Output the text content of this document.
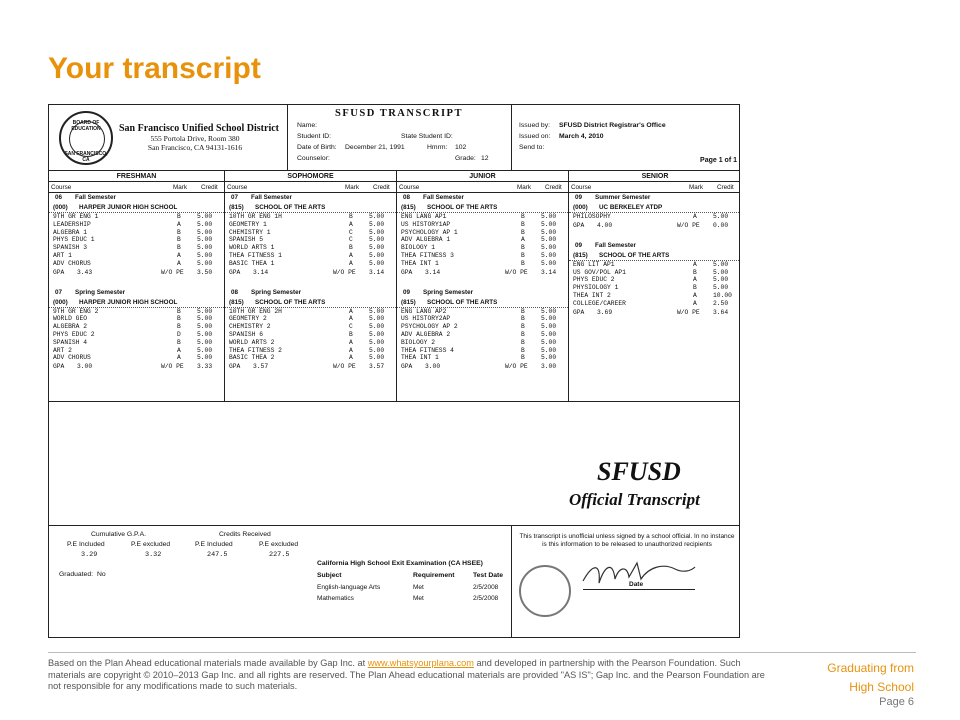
Your transcript
BOARD OF EDUCATION
SAN FRANCISCO, CA
San Francisco Unified School District
555 Portola Drive, Room 380
San Francisco, CA 94131-1616
SFUSD TRANSCRIPT
Name:
Student ID:	State Student ID:
Date of Birth: December 21, 1991	Hmrm: 102
Counselor:	Grade: 12
Issued by: SFUSD District Registrar's Office
Issued on: March 4, 2010
Send to:
Page 1 of 1
FRESHMAN
Course	Mark Credit
06 Fall Semester
(000) HARPER JUNIOR HIGH SCHOOL
9TH GR ENG 1	B	5.00
LEADERSHIP	A	5.00
ALGEBRA 1	B	5.00
PHYS EDUC 1	B	5.00
SPANISH 3	B	5.00
ART 1	A	5.00
ADV CHORUS	A	5.00
GPA 3.43	W/O PE 3.50
07 Spring Semester
(000) HARPER JUNIOR HIGH SCHOOL
9TH GR ENG 2	B	5.00
WORLD GEO	B	5.00
ALGEBRA 2	B	5.00
PHYS EDUC 2	D	5.00
SPANISH 4	B	5.00
ART 2	A	5.00
ADV CHORUS	A	5.00
GPA 3.00	W/O PE 3.33
SOPHOMORE
Course	Mark Credit
07 Fall Semester
(815) SCHOOL OF THE ARTS
10TH GR ENG 1H	B	5.00
GEOMETRY 1	A	5.00
CHEMISTRY 1	C	5.00
SPANISH 5	C	5.00
WORLD ARTS 1	B	5.00
THEA FITNESS 1	A	5.00
BASIC THEA 1	A	5.00
GPA 3.14	W/O PE 3.14
08 Spring Semester
(815) SCHOOL OF THE ARTS
10TH GR ENG 2H	A	5.00
GEOMETRY 2	A	5.00
CHEMISTRY 2	C	5.00
SPANISH 6	B	5.00
WORLD ARTS 2	A	5.00
THEA FITNESS 2	A	5.00
BASIC THEA 2	A	5.00
GPA 3.57	W/O PE 3.57
JUNIOR
Course	Mark Credit
08 Fall Semester
(815) SCHOOL OF THE ARTS
ENG LANG AP1	B	5.00
US HISTORY1AP	B	5.00
PSYCHOLOGY AP 1	B	5.00
ADV ALGEBRA 1	A	5.00
BIOLOGY 1	B	5.00
THEA FITNESS 3	B	5.00
THEA INT 1	B	5.00
GPA 3.14	W/O PE 3.14
09 Spring Semester
(815) SCHOOL OF THE ARTS
ENG LANG AP2	B	5.00
US HISTORY2AP	B	5.00
PSYCHOLOGY AP 2	B	5.00
ADV ALGEBRA 2	B	5.00
BIOLOGY 2	B	5.00
THEA FITNESS 4	B	5.00
THEA INT 1	B	5.00
GPA 3.00	W/O PE 3.00
SENIOR
Course	Mark Credit
09 Summer Semester
(000) UC BERKELEY ATDP
PHILOSOPHY	A	5.00
GPA 4.00	W/O PE 0.00
09 Fall Semester
(815) SCHOOL OF THE ARTS
ENG LIT AP1	A	5.00
US GOV/POL AP1	B	5.00
PHYS EDUC 2	A	5.00
PHYSIOLOGY 1	B	5.00
THEA INT 2	A	10.00
COLLEGE/CAREER	A	2.50
GPA 3.69	W/O PE 3.64
SFUSD
Official Transcript
Cumulative G.P.A.	Credits Received
P.E Included	P.E excluded	P.E Included	P.E excluded
3.29	3.32	247.5	227.5
Graduated: No
California High School Exit Examination (CA HSEE)
Subject	Requirement	Test Date
English-language Arts	Met	2/5/2008
Mathematics	Met	2/5/2008
This transcript is unofficial unless signed by a school official. In no instance is this information to be released to unauthorized recipients
Date
Based on the Plan Ahead educational materials made available by Gap Inc. at www.whatsyourplana.com and developed in partnership with the Pearson Foundation. Such materials are copyright © 2010–2013 Gap Inc. and all rights are reserved. The Plan Ahead educational materials are provided "AS IS"; Gap Inc. and the Pearson Foundation are not responsible for any modifications made to such materials.
Graduating from
High School
Page 6
